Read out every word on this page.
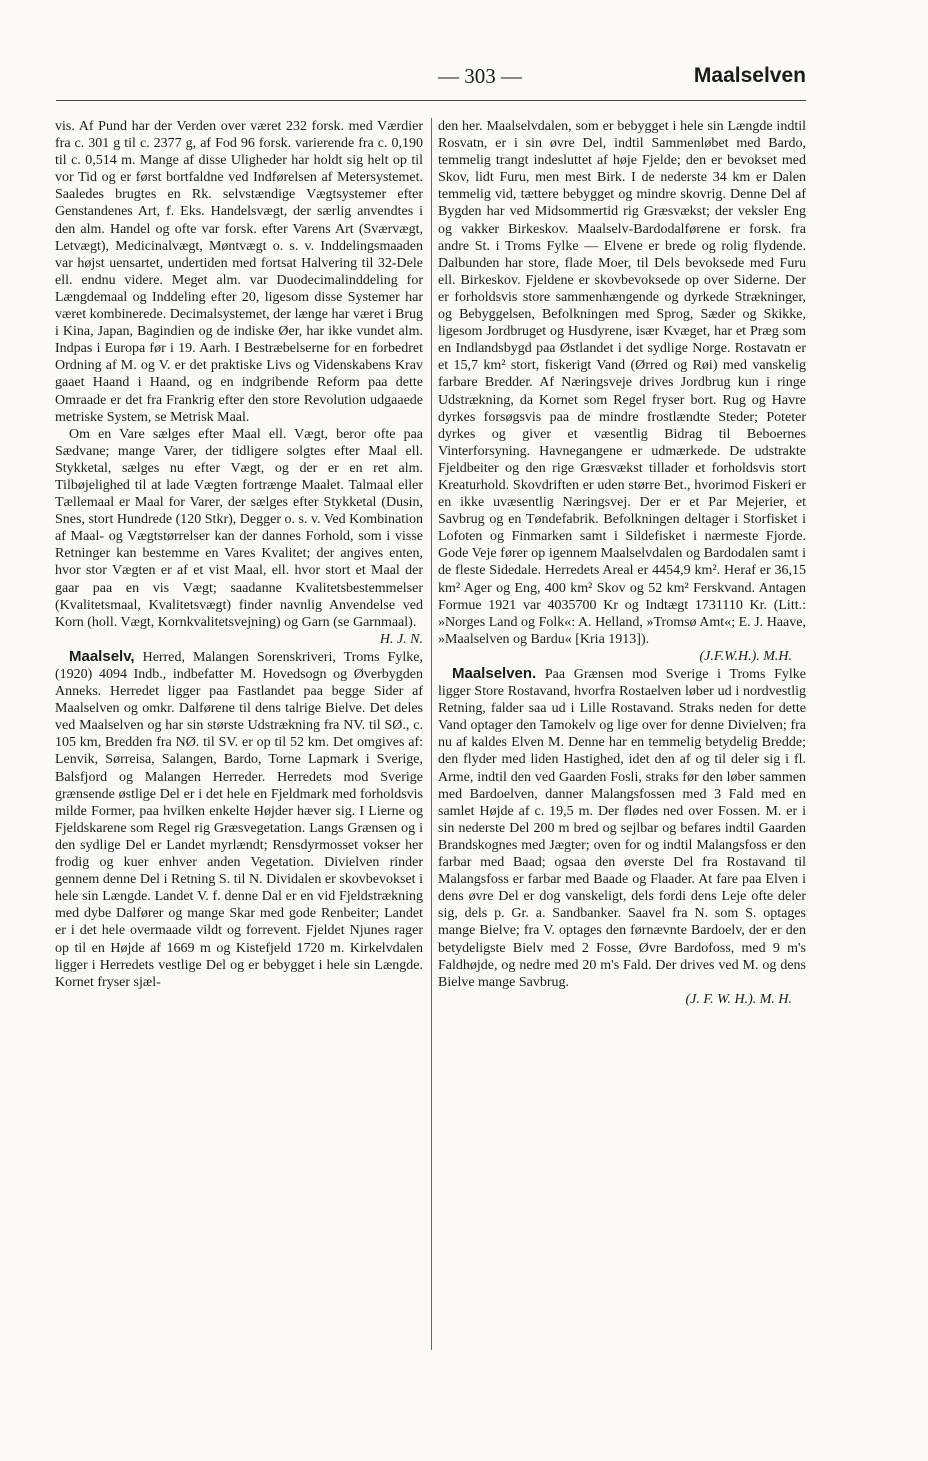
— 303 —	Maalselven

vis. Af Pund har der Verden over været 232 forsk. med Værdier fra c. 301 g til c. 2377 g, af Fod 96 forsk. varierende fra c. 0,190 til c. 0,514 m. Mange af disse Uligheder har holdt sig helt op til vor Tid og er først bortfaldne ved Indførelsen af Metersystemet. Saaledes brugtes en Rk. selvstændige Vægtsystemer efter Genstandenes Art, f. Eks. Handelsvægt, der særlig anvendtes i den alm. Handel og ofte var forsk. efter Varens Art (Sværvægt, Letvægt), Medicinalvægt, Møntvægt o. s. v. Inddelingsmaaden var højst uensartet, undertiden med fortsat Halvering til 32-Dele ell. endnu videre. Meget alm. var Duodecimalinddeling for Længdemaal og Inddeling efter 20, ligesom disse Systemer har været kombinerede. Decimalsystemet, der længe har været i Brug i Kina, Japan, Bagindien og de indiske Øer, har ikke vundet alm. Indpas i Europa før i 19. Aarh. I Bestræbelserne for en forbedret Ordning af M. og V. er det praktiske Livs og Videnskabens Krav gaaet Haand i Haand, og en indgribende Reform paa dette Omraade er det fra Frankrig efter den store Revolution udgaaede metriske System, se Metrisk Maal.

Om en Vare sælges efter Maal ell. Vægt, beror ofte paa Sædvane; mange Varer, der tidligere solgtes efter Maal ell. Stykketal, sælges nu efter Vægt, og der er en ret alm. Tilbøjelighed til at lade Vægten fortrænge Maalet. Talmaal eller Tællemaal er Maal for Varer, der sælges efter Stykketal (Dusin, Snes, stort Hundrede (120 Stkr), Degger o. s. v. Ved Kombination af Maal- og Vægtstørrelser kan der dannes Forhold, som i visse Retninger kan bestemme en Vares Kvalitet; der angives enten, hvor stor Vægten er af et vist Maal, ell. hvor stort et Maal der gaar paa en vis Vægt; saadanne Kvalitetsbestemmelser (Kvalitetsmaal, Kvalitetsvægt) finder navnlig Anvendelse ved Korn (holl. Vægt, Kornkvalitetsvejning) og Garn (se Garnmaal).

H. J. N.

Maalselv, Herred, Malangen Sorenskriveri, Troms Fylke, (1920) 4094 Indb., indbefatter M. Hovedsogn og Øverbygden Anneks. Herredet ligger paa Fastlandet paa begge Sider af Maalselven og omkr. Dalførene til dens talrige Bielve. Det deles ved Maalselven og har sin største Udstrækning fra NV. til SØ., c. 105 km, Bredden fra NØ. til SV. er op til 52 km. Det omgives af: Lenvik, Sørreisa, Salangen, Bardo, Torne Lapmark i Sverige, Balsfjord og Malangen Herreder. Herredets mod Sverige grænsende østlige Del er i det hele en Fjeldmark med forholdsvis milde Former, paa hvilken enkelte Højder hæver sig. I Lierne og Fjeldskarene som Regel rig Græsvegetation. Langs Grænsen og i den sydlige Del er Landet myrlændt; Rensdyrmosset vokser her frodig og kuer enhver anden Vegetation. Divielven rinder gennem denne Del i Retning S. til N. Dividalen er skovbevokset i hele sin Længde. Landet V. f. denne Dal er en vid Fjeldstrækning med dybe Dalfører og mange Skar med gode Renbeiter; Landet er i det hele overmaade vildt og forrevent. Fjeldet Njunes rager op til en Højde af 1669 m og Kistefjeld 1720 m. Kirkelvdalen ligger i Herredets vestlige Del og er bebygget i hele sin Længde. Kornet fryser sjæl-

den her. Maalselvdalen, som er bebygget i hele sin Længde indtil Rosvatn, er i sin øvre Del, indtil Sammenløbet med Bardo, temmelig trangt indesluttet af høje Fjelde; den er bevokset med Skov, lidt Furu, men mest Birk. I de nederste 34 km er Dalen temmelig vid, tættere bebygget og mindre skovrig. Denne Del af Bygden har ved Midsommertid rig Græsvækst; der veksler Eng og vakker Birkeskov. Maalselv-Bardodalførene er forsk. fra andre St. i Troms Fylke — Elvene er brede og rolig flydende. Dalbunden har store, flade Moer, til Dels bevoksede med Furu ell. Birkeskov. Fjeldene er skovbevoksede op over Siderne. Der er forholdsvis store sammenhængende og dyrkede Strækninger, og Bebyggelsen, Befolkningen med Sprog, Sæder og Skikke, ligesom Jordbruget og Husdyrene, især Kvæget, har et Præg som en Indlandsbygd paa Østlandet i det sydlige Norge. Rostavatn er et 15,7 km² stort, fiskerigt Vand (Ørred og Røi) med vanskelig farbare Bredder. Af Næringsveje drives Jordbrug kun i ringe Udstrækning, da Kornet som Regel fryser bort. Rug og Havre dyrkes forsøgsvis paa de mindre frostlændte Steder; Poteter dyrkes og giver et væsentlig Bidrag til Beboernes Vinterforsyning. Havnegangene er udmærkede. De udstrakte Fjeldbeiter og den rige Græsvækst tillader et forholdsvis stort Kreaturhold. Skovdriften er uden større Bet., hvorimod Fiskeri er en ikke uvæsentlig Næringsvej. Der er et Par Mejerier, et Savbrug og en Tøndefabrik. Befolkningen deltager i Storfisket i Lofoten og Finmarken samt i Sildefisket i nærmeste Fjorde. Gode Veje fører op igennem Maalselvdalen og Bardodalen samt i de fleste Sidedale. Herredets Areal er 4454,9 km². Heraf er 36,15 km² Ager og Eng, 400 km² Skov og 52 km² Ferskvand. Antagen Formue 1921 var 4035700 Kr og Indtægt 1731110 Kr. (Litt.: »Norges Land og Folk«: A. Helland, »Tromsø Amt«; E. J. Haave, »Maalselven og Bardu« [Kria 1913]).

(J.F.W.H.). M.H.

Maalselven. Paa Grænsen mod Sverige i Troms Fylke ligger Store Rostavand, hvorfra Rostaelven løber ud i nordvestlig Retning, falder saa ud i Lille Rostavand. Straks neden for dette Vand optager den Tamokelv og lige over for denne Divielven; fra nu af kaldes Elven M. Denne har en temmelig betydelig Bredde; den flyder med liden Hastighed, idet den af og til deler sig i fl. Arme, indtil den ved Gaarden Fosli, straks før den løber sammen med Bardoelven, danner Malangsfossen med 3 Fald med en samlet Højde af c. 19,5 m. Der flødes ned over Fossen. M. er i sin nederste Del 200 m bred og sejlbar og befares indtil Gaarden Brandskognes med Jægter; oven for og indtil Malangsfoss er den farbar med Baad; ogsaa den øverste Del fra Rostavand til Malangsfoss er farbar med Baade og Flaader. At fare paa Elven i dens øvre Del er dog vanskeligt, dels fordi dens Leje ofte deler sig, dels p. Gr. a. Sandbanker. Saavel fra N. som S. optages mange Bielve; fra V. optages den førnævnte Bardoelv, der er den betydeligste Bielv med 2 Fosse, Øvre Bardofoss, med 9 m's Faldhøjde, og nedre med 20 m's Fald. Der drives ved M. og dens Bielve mange Savbrug.

(J. F. W. H.). M. H.
